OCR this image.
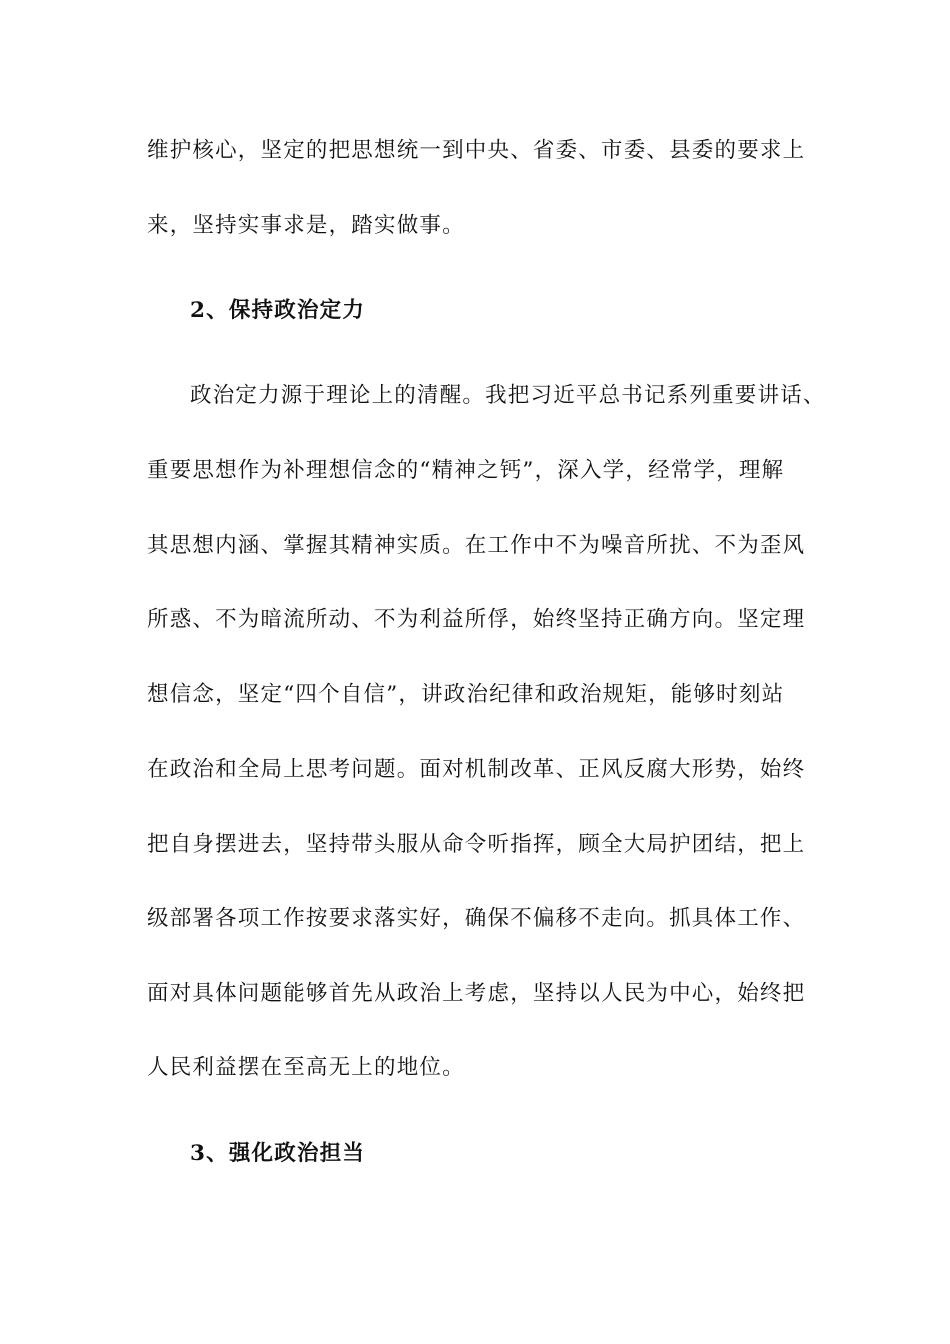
维护核心，坚定的把思想统一到中央、省委、市委、县委的要求上
来，坚持实事求是，踏实做事。
2、保持政治定力
政治定力源于理论上的清醒。我把习近平总书记系列重要讲话、
重要思想作为补理想信念的“精神之钙”，深入学，经常学，理解
其思想内涵、掌握其精神实质。在工作中不为噪音所扰、不为歪风
所惑、不为暗流所动、不为利益所俘，始终坚持正确方向。坚定理
想信念，坚定“四个自信”，讲政治纪律和政治规矩，能够时刻站
在政治和全局上思考问题。面对机制改革、正风反腐大形势，始终
把自身摆进去，坚持带头服从命令听指挥，顾全大局护团结，把上
级部署各项工作按要求落实好，确保不偏移不走向。抓具体工作、
面对具体问题能够首先从政治上考虑，坚持以人民为中心，始终把
人民利益摆在至高无上的地位。
3、强化政治担当
